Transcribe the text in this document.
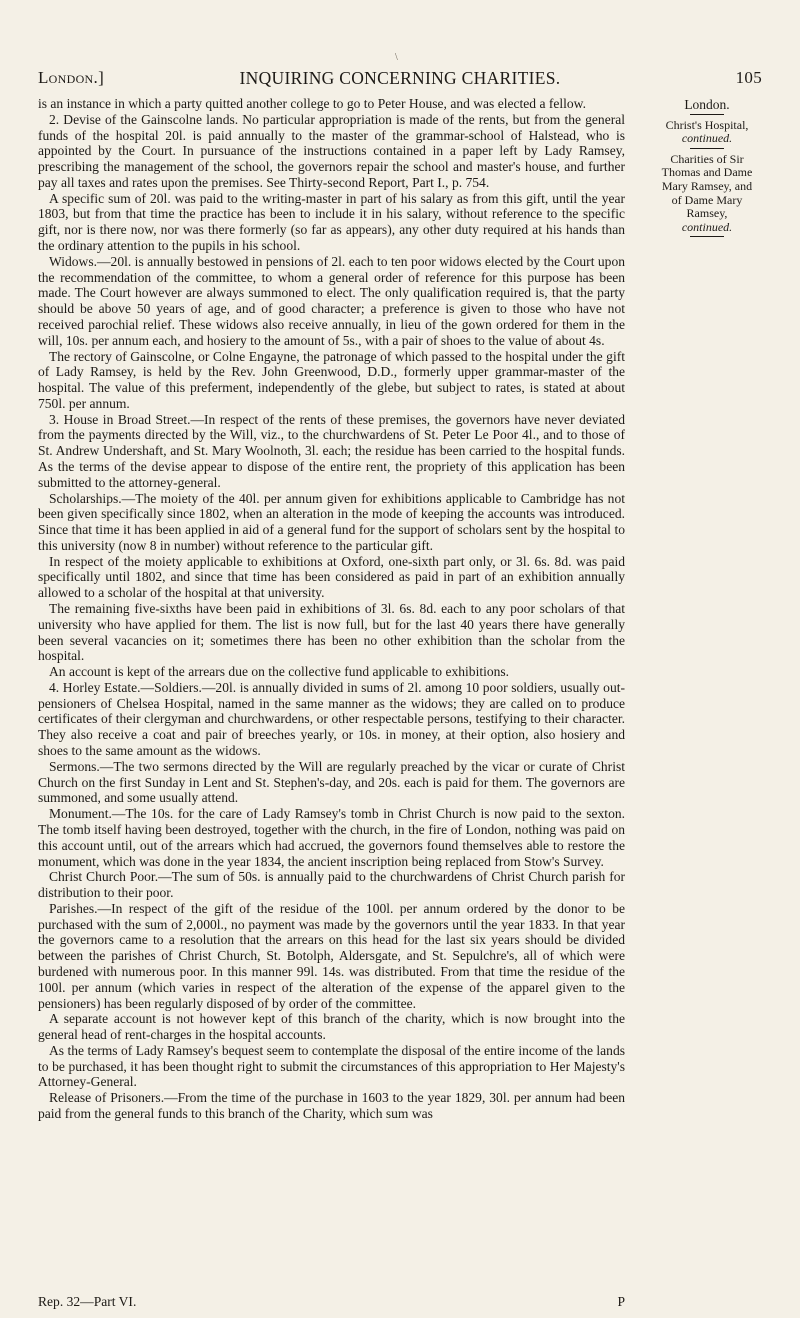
\
London.]	INQUIRING CONCERNING CHARITIES.	105

is an instance in which a party quitted another college to go to Peter House, and was elected a fellow.

2. Devise of the Gainscolne lands. No particular appropriation is made of the rents, but from the general funds of the hospital 20l. is paid annually to the master of the grammar-school of Halstead, who is appointed by the Court. In pursuance of the instructions contained in a paper left by Lady Ramsey, prescribing the management of the school, the governors repair the school and master's house, and further pay all taxes and rates upon the premises. See Thirty-second Report, Part I., p. 754.

A specific sum of 20l. was paid to the writing-master in part of his salary as from this gift, until the year 1803, but from that time the practice has been to include it in his salary, without reference to the specific gift, nor is there now, nor was there formerly (so far as appears), any other duty required at his hands than the ordinary attention to the pupils in his school.

Widows.—20l. is annually bestowed in pensions of 2l. each to ten poor widows elected by the Court upon the recommendation of the committee, to whom a general order of reference for this purpose has been made. The Court however are always summoned to elect. The only qualification required is, that the party should be above 50 years of age, and of good character; a preference is given to those who have not received parochial relief. These widows also receive annually, in lieu of the gown ordered for them in the will, 10s. per annum each, and hosiery to the amount of 5s., with a pair of shoes to the value of about 4s.

The rectory of Gainscolne, or Colne Engayne, the patronage of which passed to the hospital under the gift of Lady Ramsey, is held by the Rev. John Greenwood, D.D., formerly upper grammar-master of the hospital. The value of this preferment, independently of the glebe, but subject to rates, is stated at about 750l. per annum.

3. House in Broad Street.—In respect of the rents of these premises, the governors have never deviated from the payments directed by the Will, viz., to the churchwardens of St. Peter Le Poor 4l., and to those of St. Andrew Undershaft, and St. Mary Woolnoth, 3l. each; the residue has been carried to the hospital funds. As the terms of the devise appear to dispose of the entire rent, the propriety of this application has been submitted to the attorney-general.

Scholarships.—The moiety of the 40l. per annum given for exhibitions applicable to Cambridge has not been given specifically since 1802, when an alteration in the mode of keeping the accounts was introduced. Since that time it has been applied in aid of a general fund for the support of scholars sent by the hospital to this university (now 8 in number) without reference to the particular gift.

In respect of the moiety applicable to exhibitions at Oxford, one-sixth part only, or 3l. 6s. 8d. was paid specifically until 1802, and since that time has been considered as paid in part of an exhibition annually allowed to a scholar of the hospital at that university.

The remaining five-sixths have been paid in exhibitions of 3l. 6s. 8d. each to any poor scholars of that university who have applied for them. The list is now full, but for the last 40 years there have generally been several vacancies on it; sometimes there has been no other exhibition than the scholar from the hospital.

An account is kept of the arrears due on the collective fund applicable to exhibitions.

4. Horley Estate.—Soldiers.—20l. is annually divided in sums of 2l. among 10 poor soldiers, usually out-pensioners of Chelsea Hospital, named in the same manner as the widows; they are called on to produce certificates of their clergyman and churchwardens, or other respectable persons, testifying to their character. They also receive a coat and pair of breeches yearly, or 10s. in money, at their option, also hosiery and shoes to the same amount as the widows.

Sermons.—The two sermons directed by the Will are regularly preached by the vicar or curate of Christ Church on the first Sunday in Lent and St. Stephen's-day, and 20s. each is paid for them. The governors are summoned, and some usually attend.

Monument.—The 10s. for the care of Lady Ramsey's tomb in Christ Church is now paid to the sexton. The tomb itself having been destroyed, together with the church, in the fire of London, nothing was paid on this account until, out of the arrears which had accrued, the governors found themselves able to restore the monument, which was done in the year 1834, the ancient inscription being replaced from Stow's Survey.

Christ Church Poor.—The sum of 50s. is annually paid to the churchwardens of Christ Church parish for distribution to their poor.

Parishes.—In respect of the gift of the residue of the 100l. per annum ordered by the donor to be purchased with the sum of 2,000l., no payment was made by the governors until the year 1833. In that year the governors came to a resolution that the arrears on this head for the last six years should be divided between the parishes of Christ Church, St. Botolph, Aldersgate, and St. Sepulchre's, all of which were burdened with numerous poor. In this manner 99l. 14s. was distributed. From that time the residue of the 100l. per annum (which varies in respect of the alteration of the expense of the apparel given to the pensioners) has been regularly disposed of by order of the committee.

A separate account is not however kept of this branch of the charity, which is now brought into the general head of rent-charges in the hospital accounts.

As the terms of Lady Ramsey's bequest seem to contemplate the disposal of the entire income of the lands to be purchased, it has been thought right to submit the circumstances of this appropriation to Her Majesty's Attorney-General.

Release of Prisoners.—From the time of the purchase in 1603 to the year 1829, 30l. per annum had been paid from the general funds to this branch of the Charity, which sum was

London.
Christ's Hospital,
continued.
Charities of Sir
Thomas and Dame
Mary Ramsey, and
of Dame Mary
Ramsey,
continued.
Rep. 32—Part VI.	P
